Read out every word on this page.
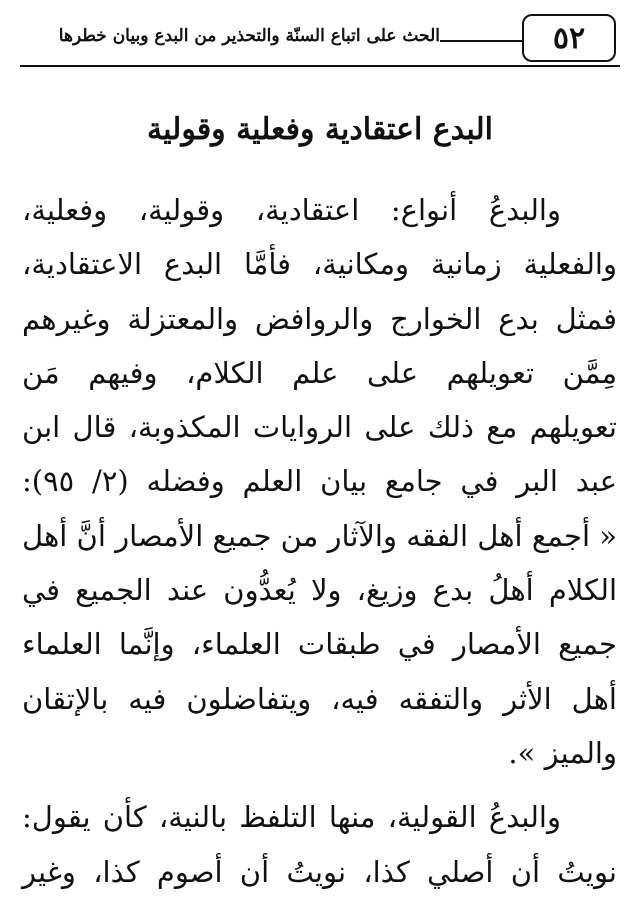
٥٢
الحث على اتباع السنّة والتحذير من البدع وبيان خطرها
البدع اعتقادية وفعلية وقولية
والبدعُ أنواع: اعتقادية، وقولية، وفعلية،
والفعلية زمانية ومكانية، فأمَّا البدع الاعتقادية،
فمثل بدع الخوارج والروافض والمعتزلة وغيرهم
مِمَّن تعويلهم على علم الكلام، وفيهم مَن
تعويلهم مع ذلك على الروايات المكذوبة، قال ابن
عبد البر في جامع بيان العلم وفضله (٢/ ٩٥):
« أجمع أهل الفقه والآثار من جميع الأمصار أنَّ أهل
الكلام أهلُ بدع وزيغ، ولا يُعدُّون عند الجميع في
جميع الأمصار في طبقات العلماء، وإنَّما العلماء
أهل الأثر والتفقه فيه، ويتفاضلون فيه بالإتقان
والميز ».
والبدعُ القولية، منها التلفظ بالنية، كأن يقول:
نويتُ أن أصلي كذا، نويتُ أن أصوم كذا، وغير
